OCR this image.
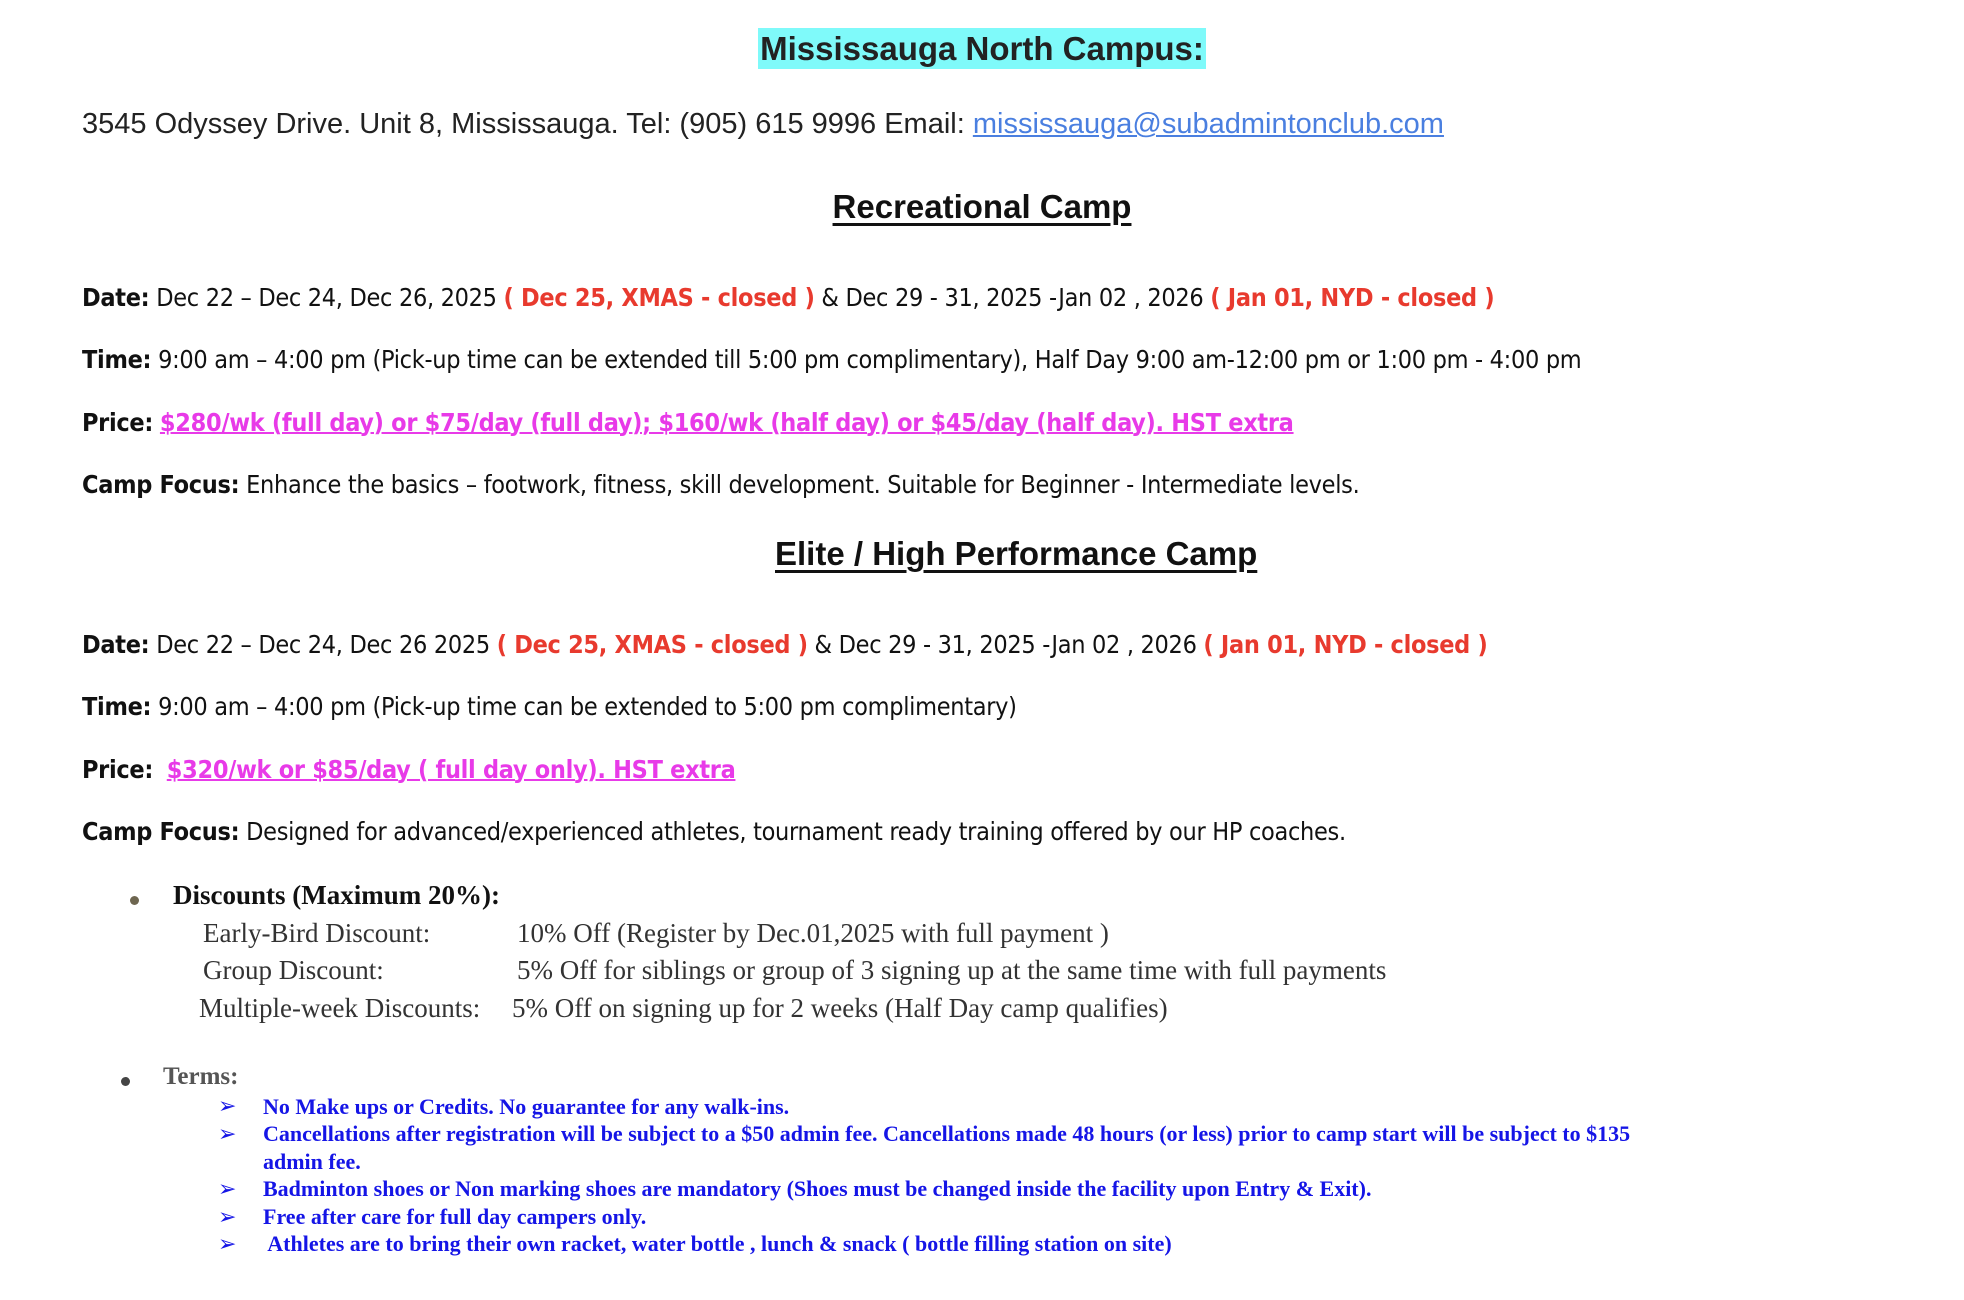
Mississauga North Campus:
3545 Odyssey Drive. Unit 8, Mississauga. Tel: (905) 615 9996 Email: mississauga@subadmintonclub.com
Recreational Camp
Date: Dec 22 – Dec 24, Dec 26, 2025 ( Dec 25, XMAS - closed ) & Dec 29 - 31, 2025 -Jan 02 , 2026 ( Jan 01, NYD - closed )
Time: 9:00 am – 4:00 pm (Pick-up time can be extended till 5:00 pm complimentary), Half Day 9:00 am-12:00 pm or 1:00 pm - 4:00 pm
Price: $280/wk (full day) or $75/day (full day); $160/wk (half day) or $45/day (half day). HST extra
Camp Focus: Enhance the basics – footwork, fitness, skill development. Suitable for Beginner - Intermediate levels.
Elite / High Performance Camp
Date: Dec 22 – Dec 24, Dec 26 2025 ( Dec 25, XMAS - closed ) & Dec 29 - 31, 2025 -Jan 02 , 2026 ( Jan 01, NYD - closed )
Time: 9:00 am – 4:00 pm (Pick-up time can be extended to 5:00 pm complimentary)
Price: $320/wk or $85/day ( full day only). HST extra
Camp Focus: Designed for advanced/experienced athletes, tournament ready training offered by our HP coaches.
Discounts (Maximum 20%):
Early-Bird Discount:	10% Off (Register by Dec.01,2025 with full payment )
Group Discount:	5% Off for siblings or group of 3 signing up at the same time with full payments
Multiple-week Discounts: 5% Off on signing up for 2 weeks (Half Day camp qualifies)
Terms:
➢ No Make ups or Credits. No guarantee for any walk-ins.
➢ Cancellations after registration will be subject to a $50 admin fee. Cancellations made 48 hours (or less) prior to camp start will be subject to $135
admin fee.
➢ Badminton shoes or Non marking shoes are mandatory (Shoes must be changed inside the facility upon Entry & Exit).
➢ Free after care for full day campers only.
➢ Athletes are to bring their own racket, water bottle , lunch & snack ( bottle filling station on site)
